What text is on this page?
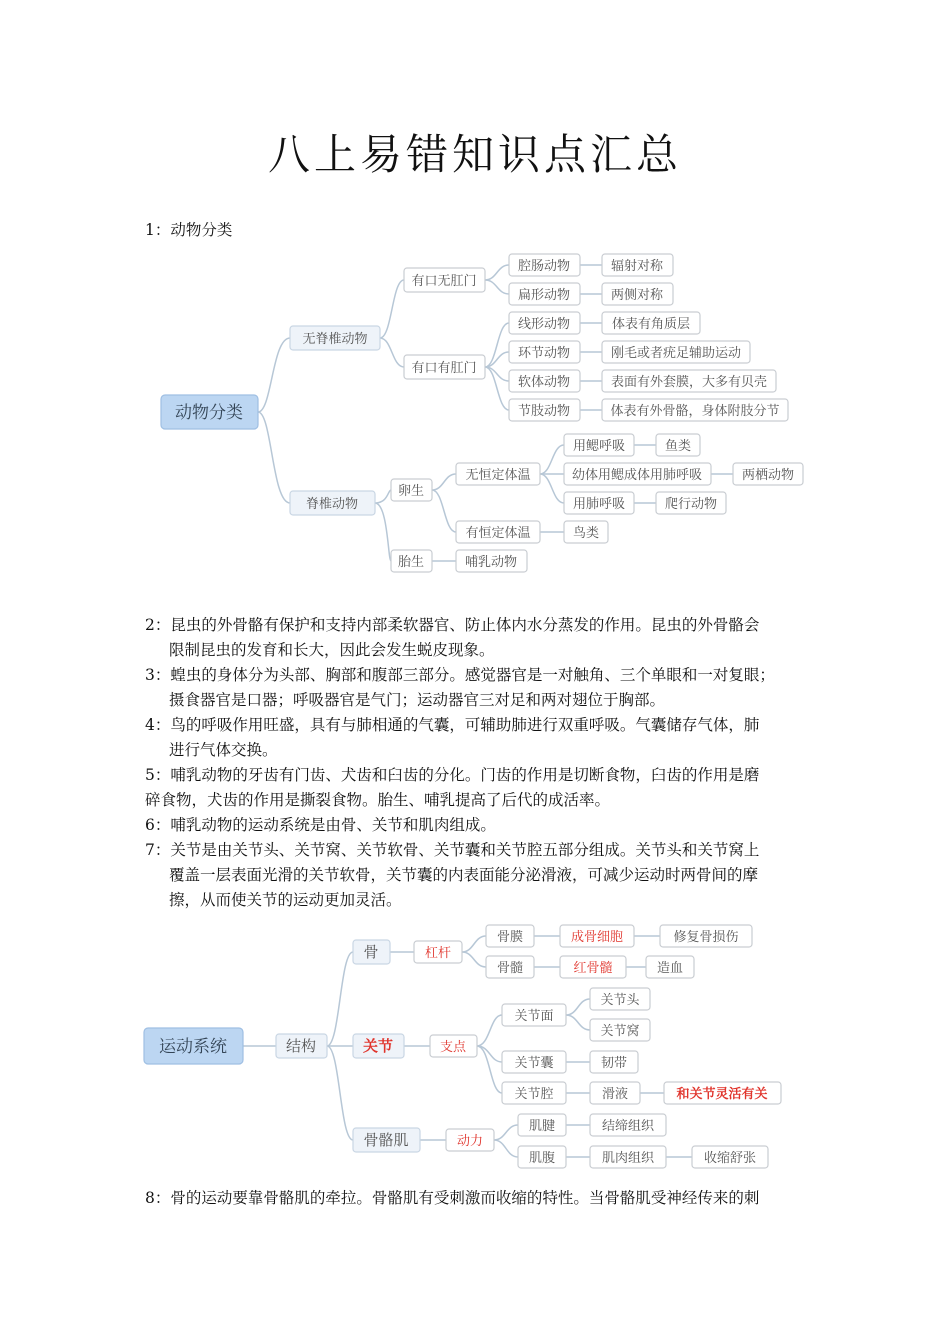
八上易错知识点汇总
1：动物分类
动物分类
无脊椎动物
脊椎动物
有口无肛门
有口有肛门
腔肠动物
扁形动物
线形动物
环节动物
软体动物
节肢动物
辐射对称
两侧对称
体表有角质层
刚毛或者疣足辅助运动
表面有外套膜，大多有贝壳
体表有外骨骼，身体附肢分节
卵生
胎生
无恒定体温
有恒定体温
哺乳动物
用鳃呼吸
幼体用鳃成体用肺呼吸
用肺呼吸
鸟类
鱼类
两栖动物
爬行动物
2：昆虫的外骨骼有保护和支持内部柔软器官、防止体内水分蒸发的作用。昆虫的外骨骼会
限制昆虫的发育和长大，因此会发生蜕皮现象。
3：蝗虫的身体分为头部、胸部和腹部三部分。感觉器官是一对触角、三个单眼和一对复眼；
摄食器官是口器；呼吸器官是气门；运动器官三对足和两对翅位于胸部。
4：鸟的呼吸作用旺盛，具有与肺相通的气囊，可辅助肺进行双重呼吸。气囊储存气体，肺
进行气体交换。
5：哺乳动物的牙齿有门齿、犬齿和臼齿的分化。门齿的作用是切断食物，臼齿的作用是磨
碎食物，犬齿的作用是撕裂食物。胎生、哺乳提高了后代的成活率。
6：哺乳动物的运动系统是由骨、关节和肌肉组成。
7：关节是由关节头、关节窝、关节软骨、关节囊和关节腔五部分组成。关节头和关节窝上
覆盖一层表面光滑的关节软骨，关节囊的内表面能分泌滑液，可减少运动时两骨间的摩
擦，从而使关节的运动更加灵活。
运动系统	结构
骨
关节
骨骼肌
杠杆
支点
动力
骨膜
骨髓
成骨细胞
红骨髓
修复骨损伤
造血
关节面
关节囊
关节腔
关节头
关节窝
韧带
滑液	和关节灵活有关
肌腱
肌腹
结缔组织
肌肉组织	收缩舒张
8：骨的运动要靠骨骼肌的牵拉。骨骼肌有受刺激而收缩的特性。当骨骼肌受神经传来的刺
